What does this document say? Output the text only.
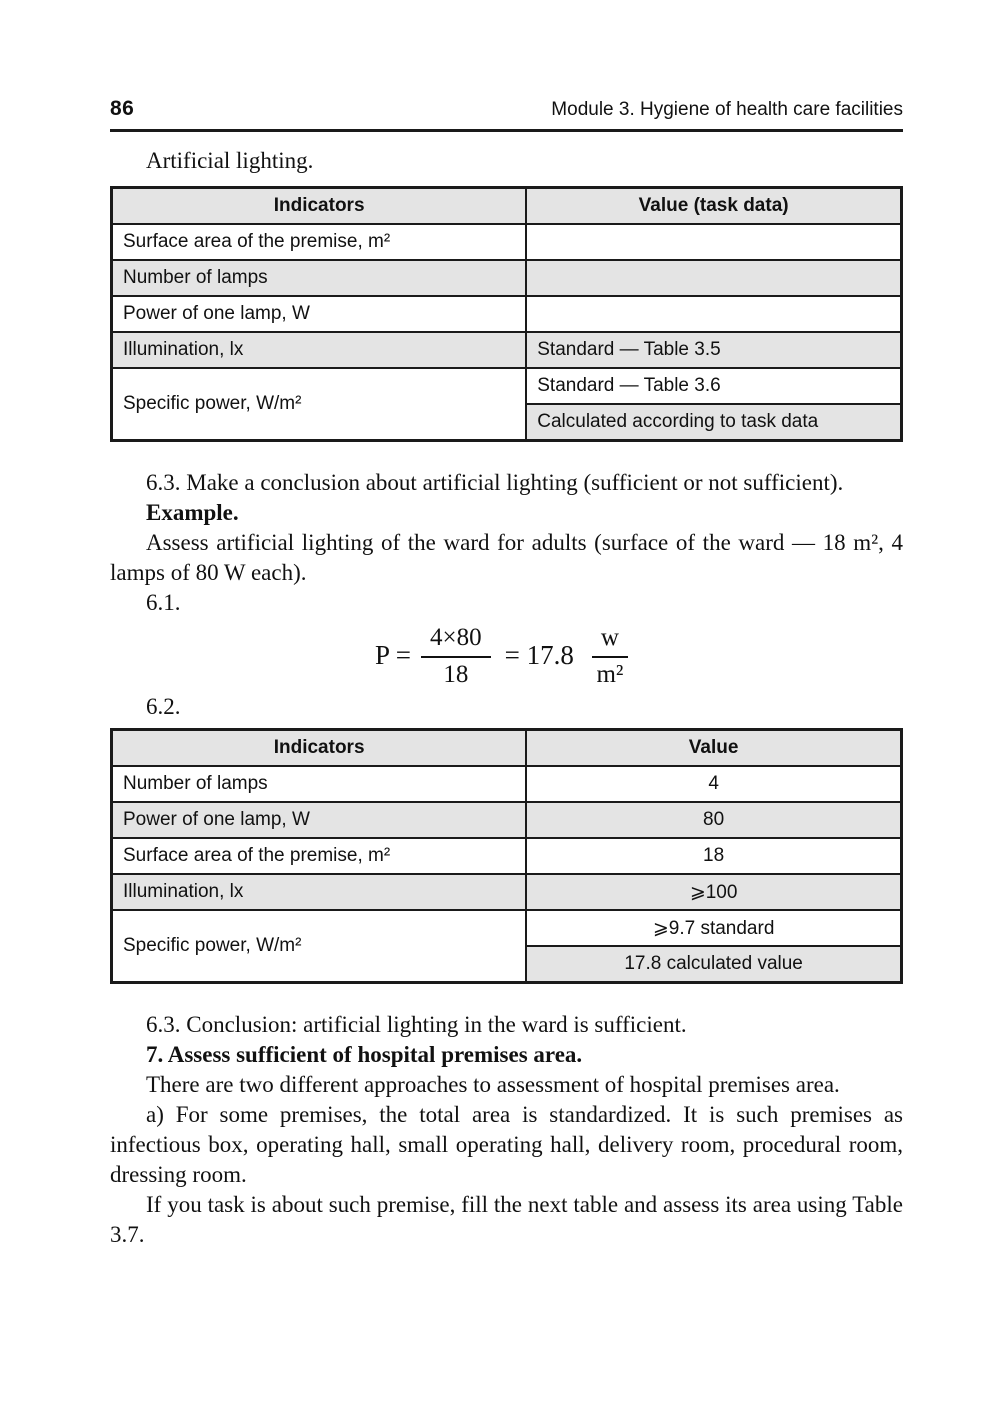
86	Module 3. Hygiene of health care facilities

Artificial lighting.

Indicators	Value (task data)
Surface area of the premise, m²	
Number of lamps	
Power of one lamp, W	
Illumination, lx	Standard — Table 3.5
Specific power, W/m²	Standard — Table 3.6
	Calculated according to task data

6.3. Make a conclusion about artificial lighting (sufficient or not sufficient).

Example.

Assess artificial lighting of the ward for adults (surface of the ward — 18 m², 4 lamps of 80 W each).

6.1.

$P = \frac{4\times 80}{18} = 17.8 \frac{w}{\text{m²}}$

6.2.

Indicators	Value
Number of lamps	4
Power of one lamp, W	80
Surface area of the premise, m²	18
Illumination, lx	⩾100
Specific power, W/m²	⩾9.7 standard
	17.8 calculated value

6.3. Conclusion: artificial lighting in the ward is sufficient.

7. Assess sufficient of hospital premises area.

There are two different approaches to assessment of hospital premises area.

a) For some premises, the total area is standardized. It is such premises as infectious box, operating hall, small operating hall, delivery room, procedural room, dressing room.

If you task is about such premise, fill the next table and assess its area using Table 3.7.
